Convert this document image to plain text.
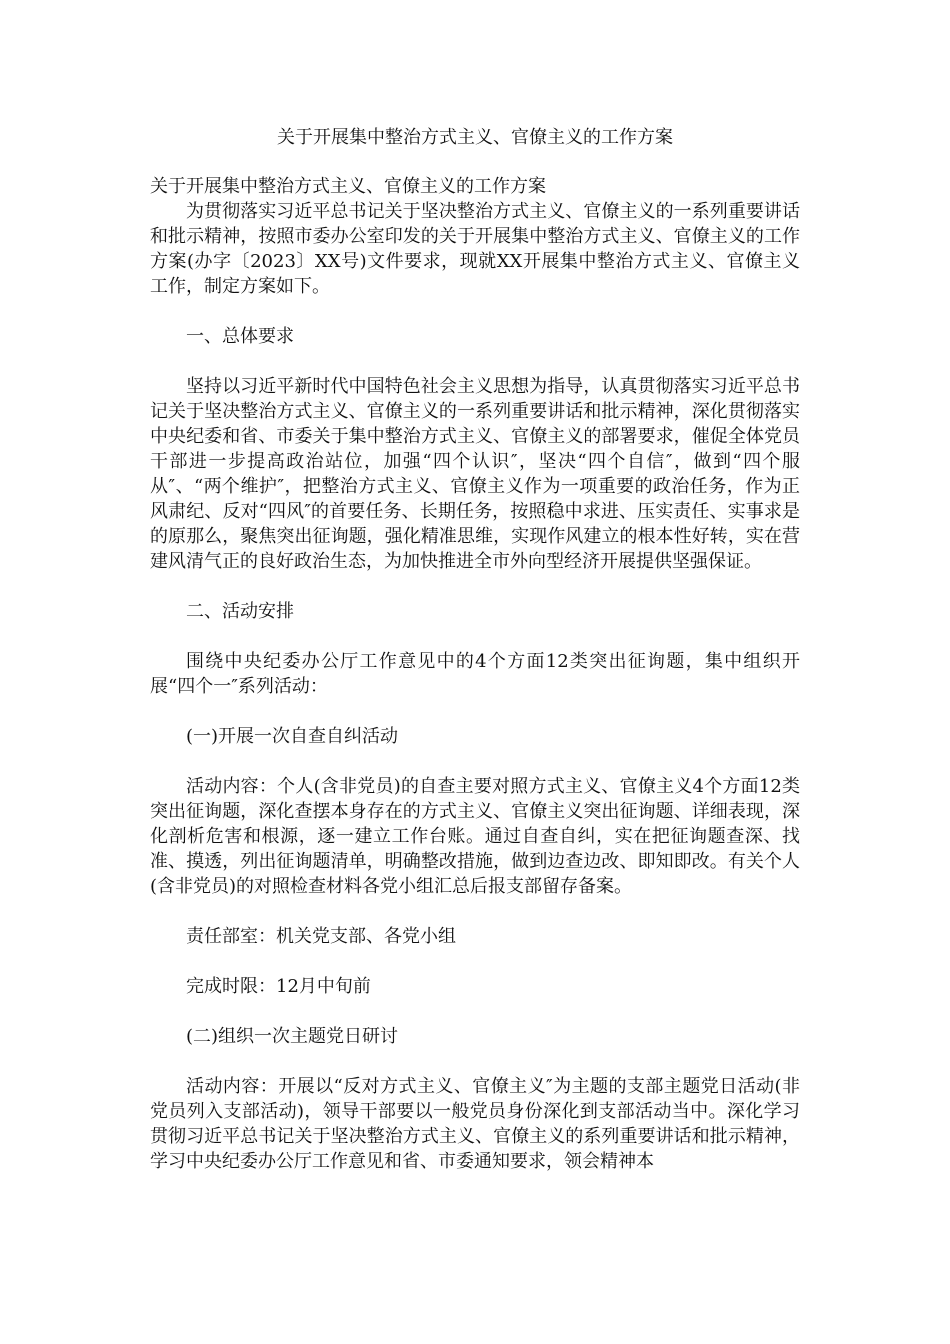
关于开展集中整治方式主义、官僚主义的工作方案

关于开展集中整治方式主义、官僚主义的工作方案

为贯彻落实习近平总书记关于坚决整治方式主义、官僚主义的一系列重要讲话和批示精神，按照市委办公室印发的关于开展集中整治方式主义、官僚主义的工作方案(办字〔2023〕XX号)文件要求，现就XX开展集中整治方式主义、官僚主义工作，制定方案如下。

一、总体要求

坚持以习近平新时代中国特色社会主义思想为指导，认真贯彻落实习近平总书记关于坚决整治方式主义、官僚主义的一系列重要讲话和批示精神，深化贯彻落实中央纪委和省、市委关于集中整治方式主义、官僚主义的部署要求，催促全体党员干部进一步提高政治站位，加强“四个认识″，坚决“四个自信″，做到“四个服从″、“两个维护″，把整治方式主义、官僚主义作为一项重要的政治任务，作为正风肃纪、反对“四风″的首要任务、长期任务，按照稳中求进、压实责任、实事求是的原那么，聚焦突出征询题，强化精准思维，实现作风建立的根本性好转，实在营建风清气正的良好政治生态，为加快推进全市外向型经济开展提供坚强保证。

二、活动安排

围绕中央纪委办公厅工作意见中的4个方面12类突出征询题，集中组织开展“四个一″系列活动：

(一)开展一次自查自纠活动

活动内容：个人(含非党员)的自查主要对照方式主义、官僚主义4个方面12类突出征询题，深化查摆本身存在的方式主义、官僚主义突出征询题、详细表现，深化剖析危害和根源，逐一建立工作台账。通过自查自纠，实在把征询题查深、找准、摸透，列出征询题清单，明确整改措施，做到边查边改、即知即改。有关个人(含非党员)的对照检查材料各党小组汇总后报支部留存备案。

责任部室：机关党支部、各党小组

完成时限：12月中旬前

(二)组织一次主题党日研讨

活动内容：开展以“反对方式主义、官僚主义″为主题的支部主题党日活动(非党员列入支部活动)，领导干部要以一般党员身份深化到支部活动当中。深化学习贯彻习近平总书记关于坚决整治方式主义、官僚主义的系列重要讲话和批示精神，学习中央纪委办公厅工作意见和省、市委通知要求，领会精神本
